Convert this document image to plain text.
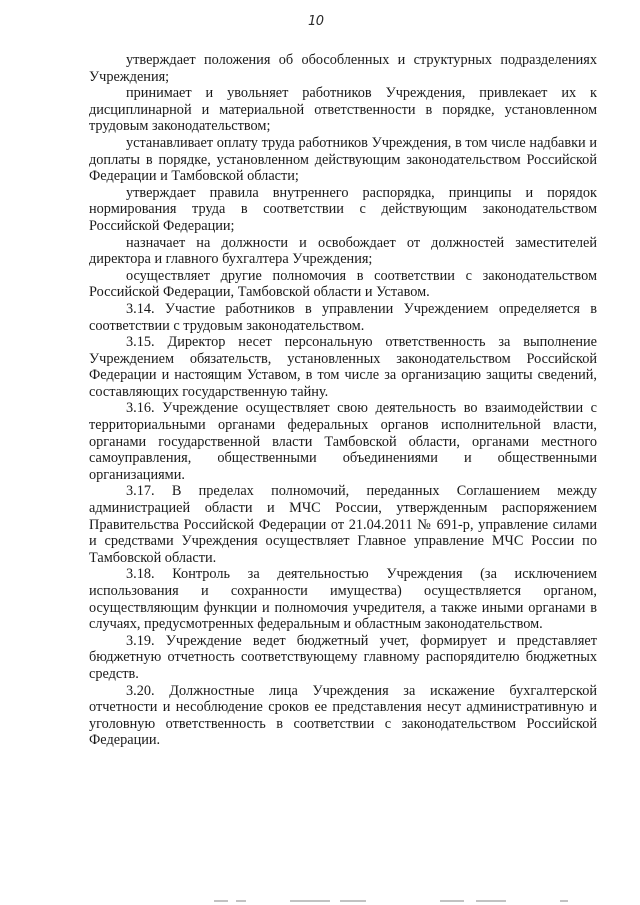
10

утверждает положения об обособленных и структурных подразделениях Учреждения;

принимает и увольняет работников Учреждения, привлекает их к дисциплинарной и материальной ответственности в порядке, установленном трудовым законодательством;

устанавливает оплату труда работников Учреждения, в том числе надбавки и доплаты в порядке, установленном действующим законодательством Российской Федерации и Тамбовской области;

утверждает правила внутреннего распорядка, принципы и порядок нормирования труда в соответствии с действующим законодательством Российской Федерации;

назначает на должности и освобождает от должностей заместителей директора и главного бухгалтера Учреждения;

осуществляет другие полномочия в соответствии с законодательством Российской Федерации, Тамбовской области и Уставом.

3.14. Участие работников в управлении Учреждением определяется в соответствии с трудовым законодательством.

3.15. Директор несет персональную ответственность за выполнение Учреждением обязательств, установленных законодательством Российской Федерации и настоящим Уставом, в том числе за организацию защиты сведений, составляющих государственную тайну.

3.16. Учреждение осуществляет свою деятельность во взаимодействии с территориальными органами федеральных органов исполнительной власти, органами государственной власти Тамбовской области, органами местного самоуправления, общественными объединениями и общественными организациями.

3.17. В пределах полномочий, переданных Соглашением между администрацией области и МЧС России, утвержденным распоряжением Правительства Российской Федерации от 21.04.2011 № 691-р, управление силами и средствами Учреждения осуществляет Главное управление МЧС России по Тамбовской области.

3.18. Контроль за деятельностью Учреждения (за исключением использования и сохранности имущества) осуществляется органом, осуществляющим функции и полномочия учредителя, а также иными органами в случаях, предусмотренных федеральным и областным законодательством.

3.19. Учреждение ведет бюджетный учет, формирует и представляет бюджетную отчетность соответствующему главному распорядителю бюджетных средств.

3.20. Должностные лица Учреждения за искажение бухгалтерской отчетности и несоблюдение сроков ее представления несут административную и уголовную ответственность в соответствии с законодательством Российской Федерации.
